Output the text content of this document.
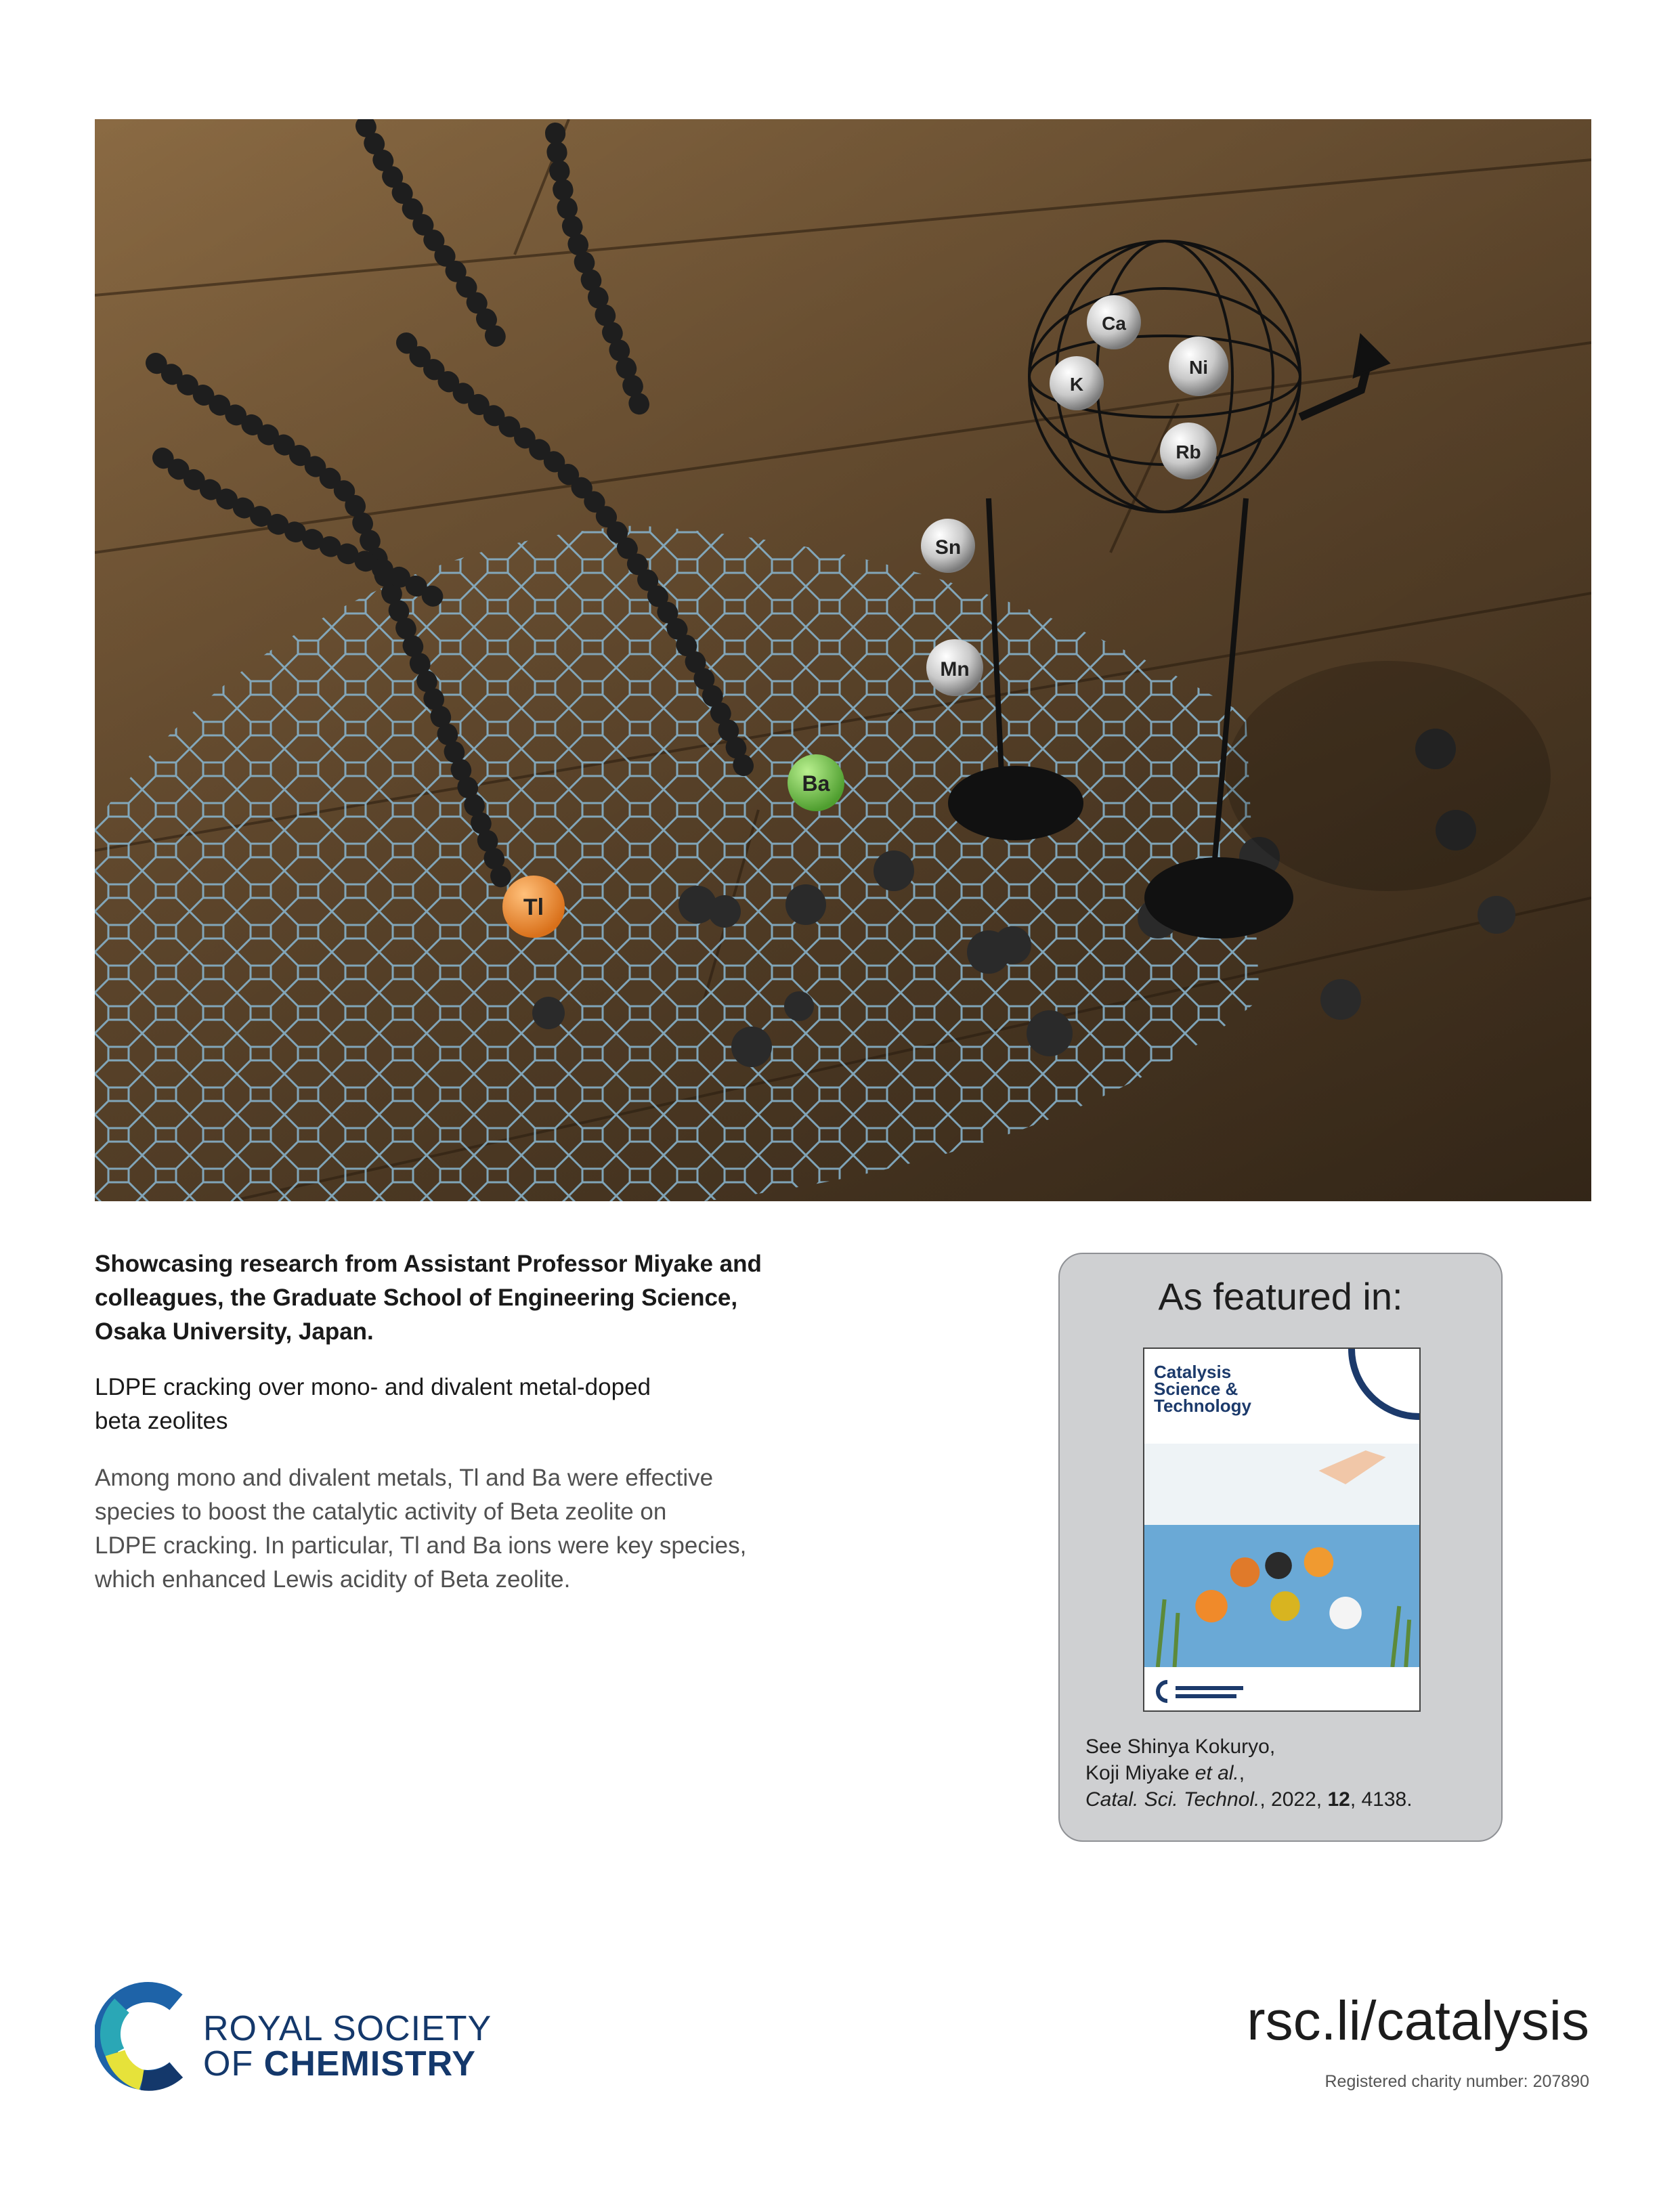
Tl
Ba
Sn
Mn
Ca
K
Ni
Rb
Showcasing research from Assistant Professor Miyake and
colleagues, the Graduate School of Engineering Science,
Osaka University, Japan.
LDPE cracking over mono- and divalent metal-doped
beta zeolites
Among mono and divalent metals, Tl and Ba were effective
species to boost the catalytic activity of Beta zeolite on
LDPE cracking. In particular, Tl and Ba ions were key species,
which enhanced Lewis acidity of Beta zeolite.
As featured in:
Catalysis
Science &
Technology
See Shinya Kokuryo,
Koji Miyake et al.,
Catal. Sci. Technol., 2022, 12, 4138.
ROYAL SOCIETY
OF CHEMISTRY
rsc.li/catalysis
Registered charity number: 207890
